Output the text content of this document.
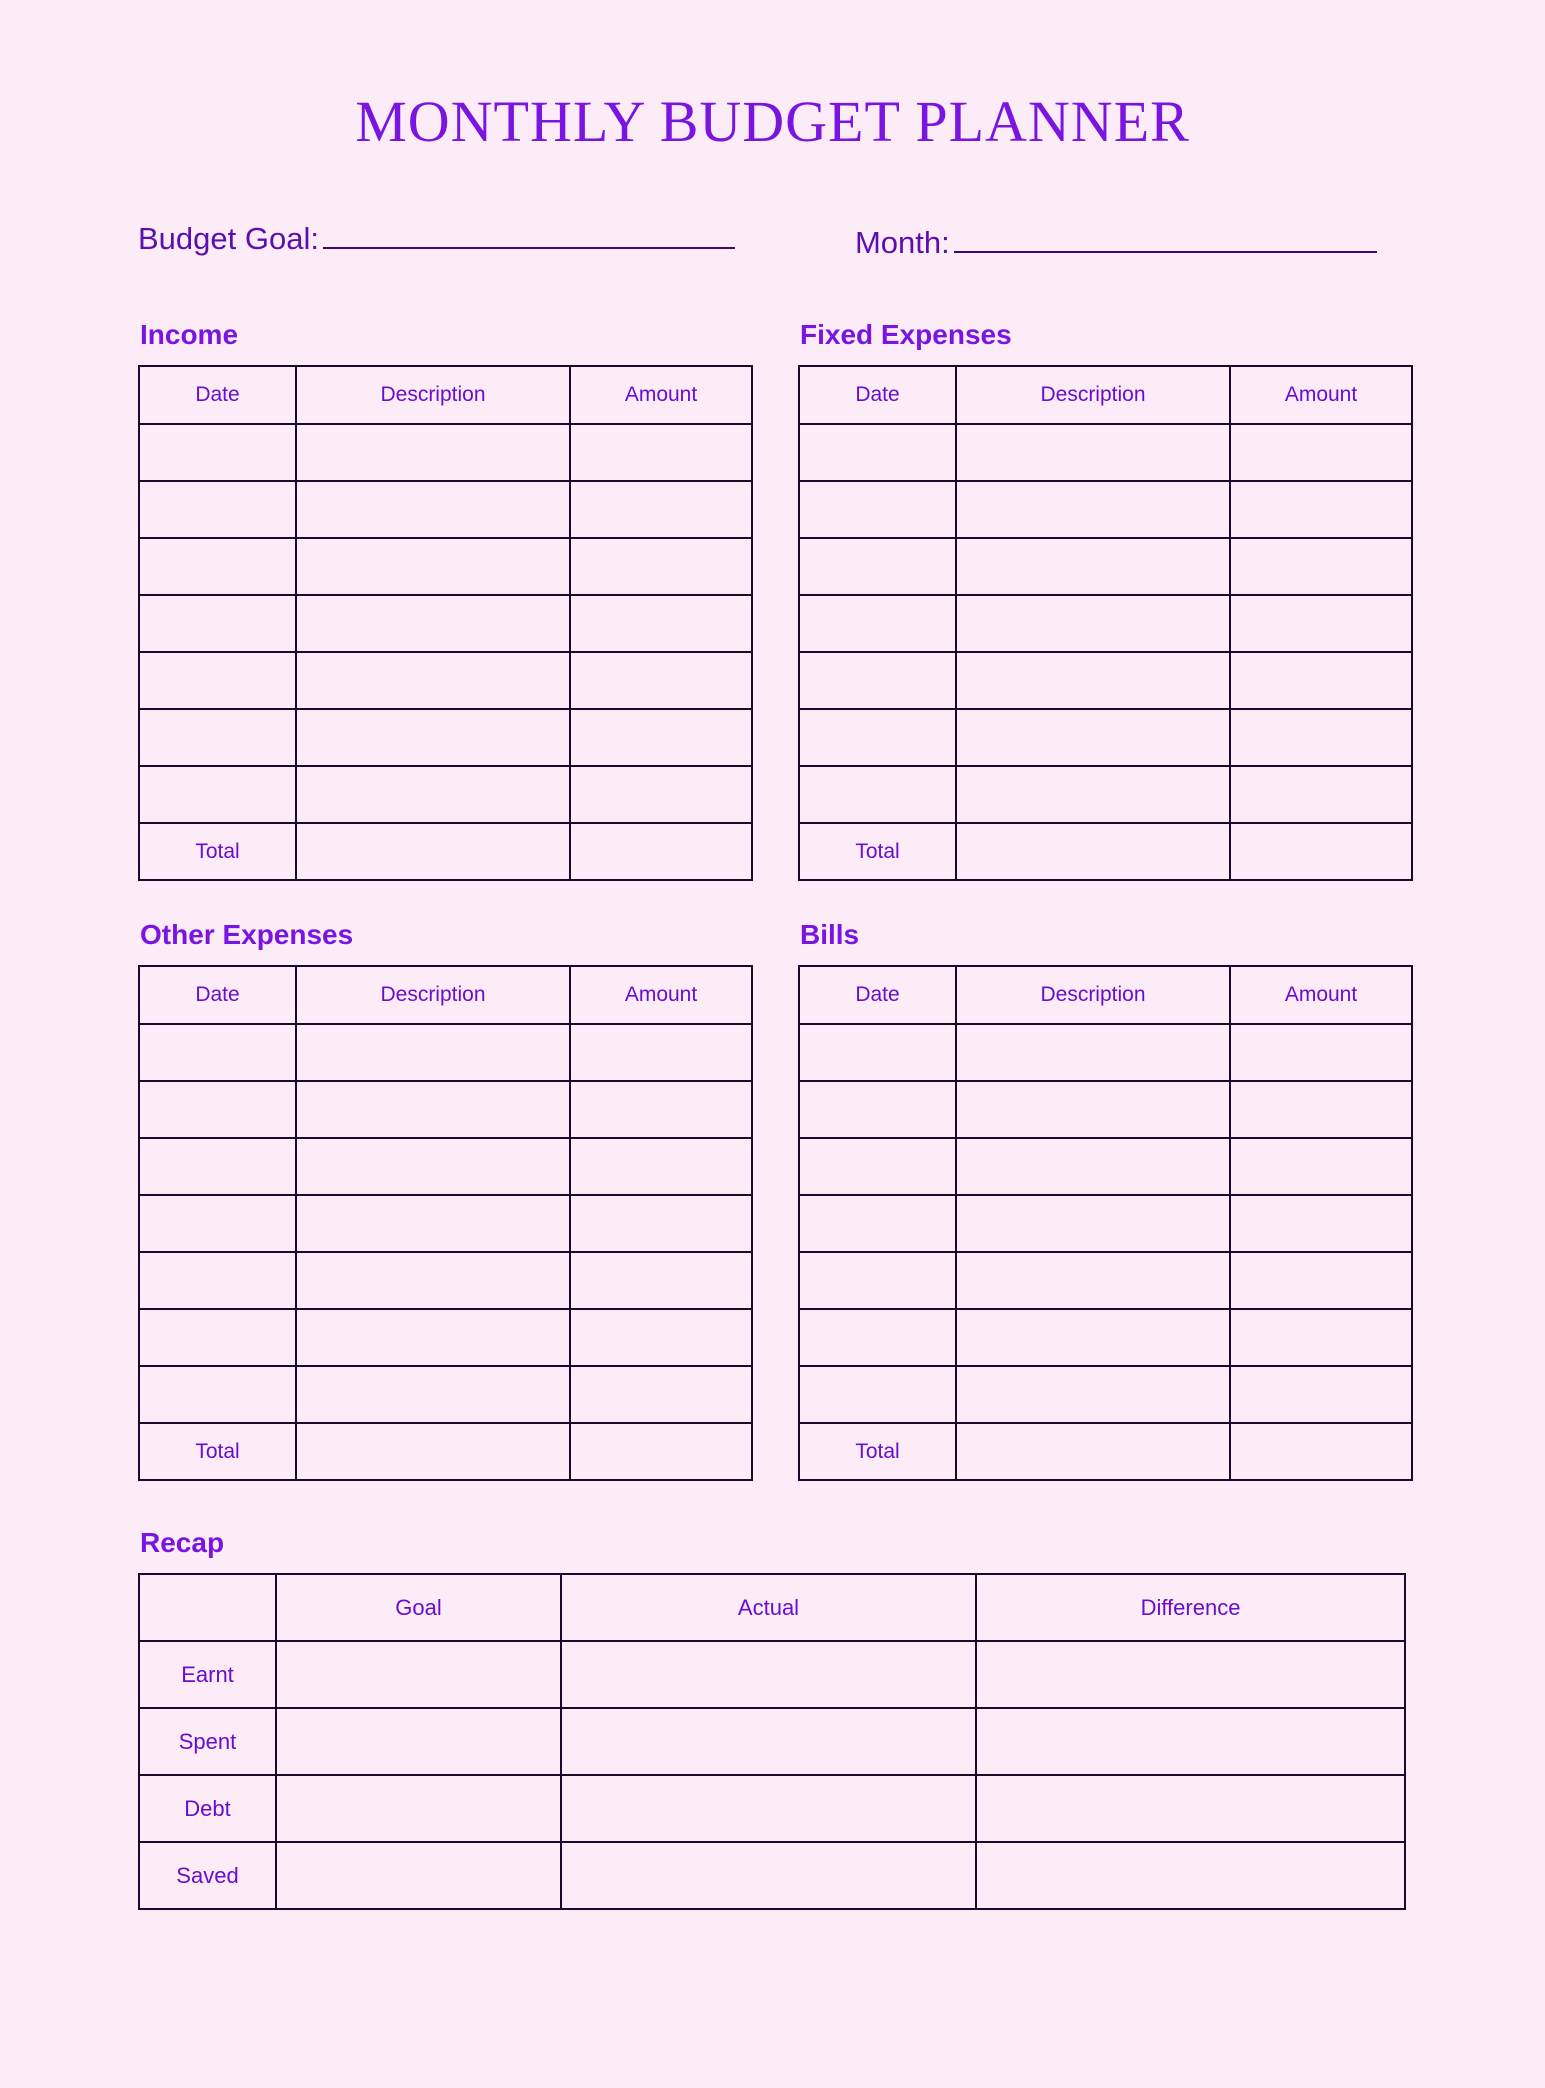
MONTHLY BUDGET PLANNER
Budget Goal:	Month:
Income
Date	Description	Amount

Total		
Other Expenses
Date	Description	Amount

Total		
Fixed Expenses
Date	Description	Amount

Total		
Bills
Date	Description	Amount

Total		
Recap
	Goal	Actual	Difference
Earnt			
Spent			
Debt			
Saved			
